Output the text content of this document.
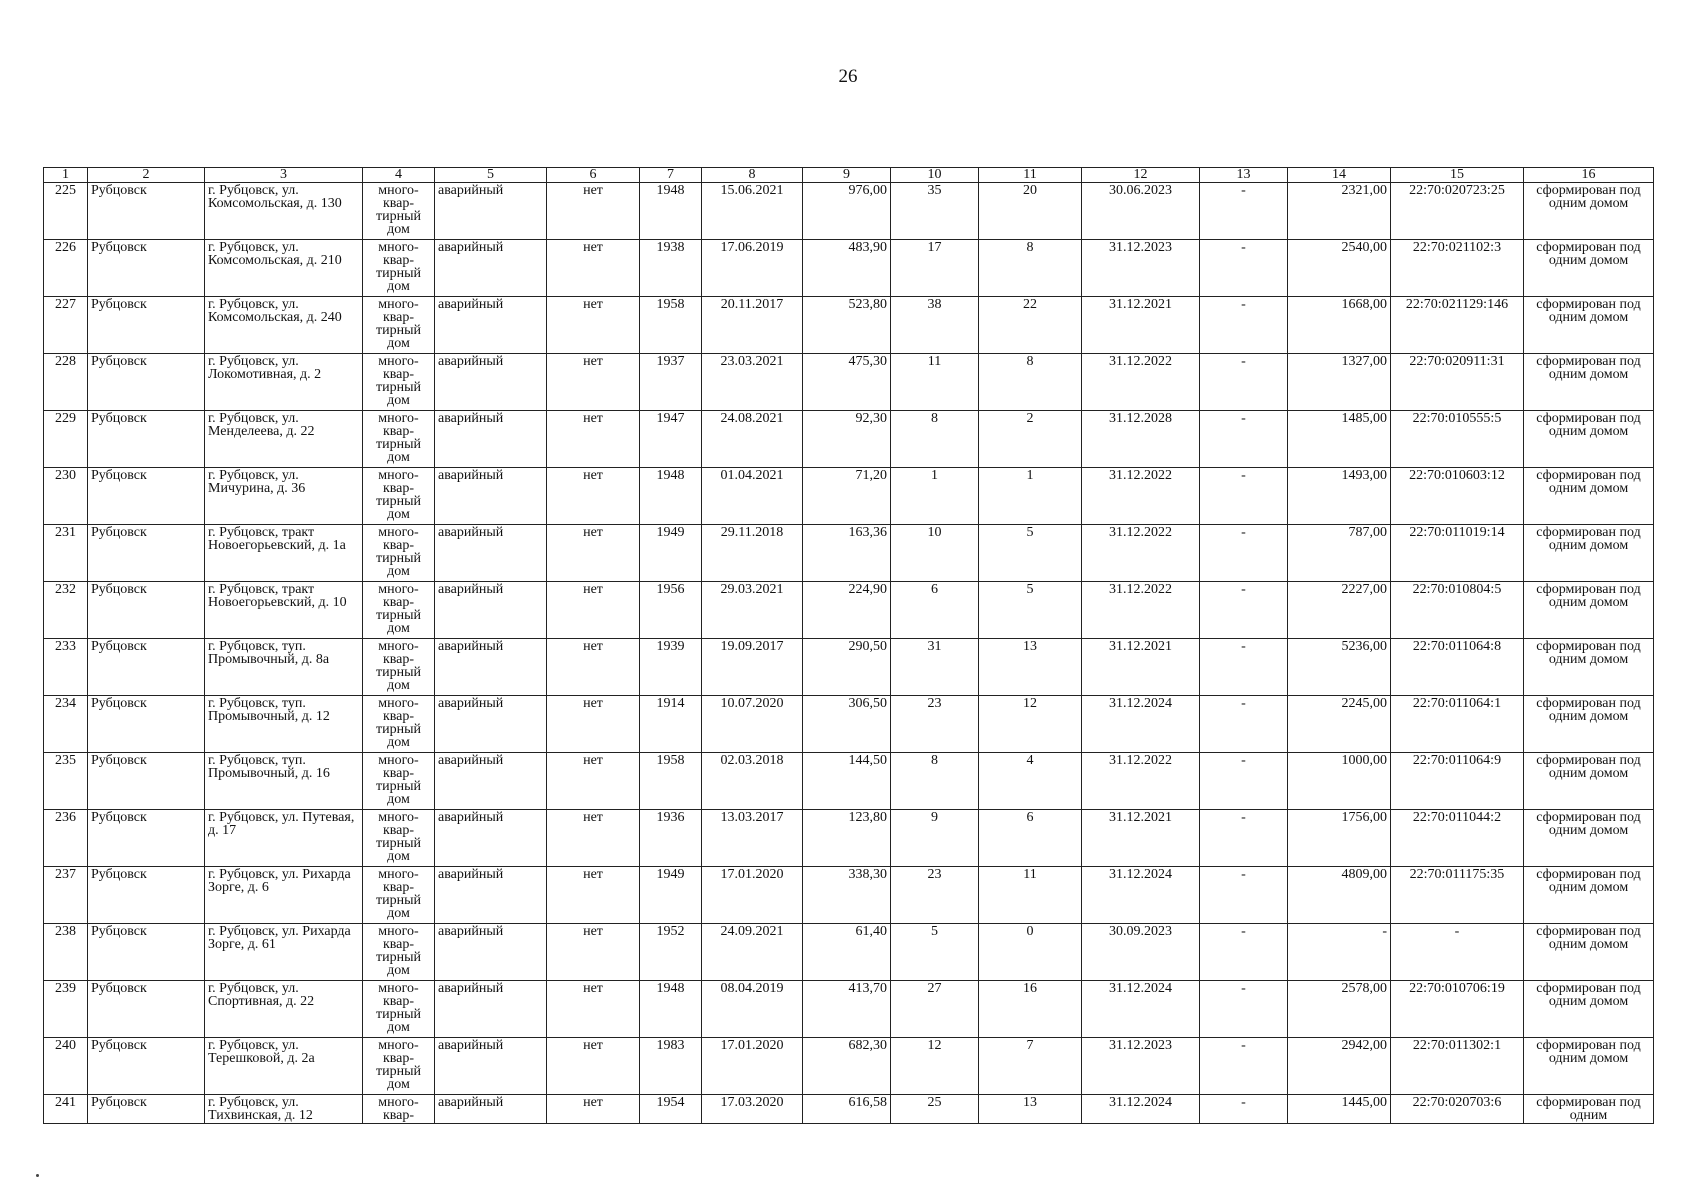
26
1	2	3	4	5	6	7	8	9	10	11	12	13	14	15	16
225	Рубцовск	г. Рубцовск, ул. Комсомольская, д. 130	много-квар-тирный дом	аварийный	нет	1948	15.06.2021	976,00	35	20	30.06.2023	-	2321,00	22:70:020723:25	сформирован под одним домом
226	Рубцовск	г. Рубцовск, ул. Комсомольская, д. 210	много-квар-тирный дом	аварийный	нет	1938	17.06.2019	483,90	17	8	31.12.2023	-	2540,00	22:70:021102:3	сформирован под одним домом
227	Рубцовск	г. Рубцовск, ул. Комсомольская, д. 240	много-квар-тирный дом	аварийный	нет	1958	20.11.2017	523,80	38	22	31.12.2021	-	1668,00	22:70:021129:146	сформирован под одним домом
228	Рубцовск	г. Рубцовск, ул. Локомотивная, д. 2	много-квар-тирный дом	аварийный	нет	1937	23.03.2021	475,30	11	8	31.12.2022	-	1327,00	22:70:020911:31	сформирован под одним домом
229	Рубцовск	г. Рубцовск, ул. Менделеева, д. 22	много-квар-тирный дом	аварийный	нет	1947	24.08.2021	92,30	8	2	31.12.2028	-	1485,00	22:70:010555:5	сформирован под одним домом
230	Рубцовск	г. Рубцовск, ул. Мичурина, д. 36	много-квар-тирный дом	аварийный	нет	1948	01.04.2021	71,20	1	1	31.12.2022	-	1493,00	22:70:010603:12	сформирован под одним домом
231	Рубцовск	г. Рубцовск, тракт Новоегорьевский, д. 1а	много-квар-тирный дом	аварийный	нет	1949	29.11.2018	163,36	10	5	31.12.2022	-	787,00	22:70:011019:14	сформирован под одним домом
232	Рубцовск	г. Рубцовск, тракт Новоегорьевский, д. 10	много-квар-тирный дом	аварийный	нет	1956	29.03.2021	224,90	6	5	31.12.2022	-	2227,00	22:70:010804:5	сформирован под одним домом
233	Рубцовск	г. Рубцовск, туп. Промывочный, д. 8а	много-квар-тирный дом	аварийный	нет	1939	19.09.2017	290,50	31	13	31.12.2021	-	5236,00	22:70:011064:8	сформирован под одним домом
234	Рубцовск	г. Рубцовск, туп. Промывочный, д. 12	много-квар-тирный дом	аварийный	нет	1914	10.07.2020	306,50	23	12	31.12.2024	-	2245,00	22:70:011064:1	сформирован под одним домом
235	Рубцовск	г. Рубцовск, туп. Промывочный, д. 16	много-квар-тирный дом	аварийный	нет	1958	02.03.2018	144,50	8	4	31.12.2022	-	1000,00	22:70:011064:9	сформирован под одним домом
236	Рубцовск	г. Рубцовск, ул. Путевая, д. 17	много-квар-тирный дом	аварийный	нет	1936	13.03.2017	123,80	9	6	31.12.2021	-	1756,00	22:70:011044:2	сформирован под одним домом
237	Рубцовск	г. Рубцовск, ул. Рихарда Зорге, д. 6	много-квар-тирный дом	аварийный	нет	1949	17.01.2020	338,30	23	11	31.12.2024	-	4809,00	22:70:011175:35	сформирован под одним домом
238	Рубцовск	г. Рубцовск, ул. Рихарда Зорге, д. 61	много-квар-тирный дом	аварийный	нет	1952	24.09.2021	61,40	5	0	30.09.2023	-	-	-	сформирован под одним домом
239	Рубцовск	г. Рубцовск, ул. Спортивная, д. 22	много-квар-тирный дом	аварийный	нет	1948	08.04.2019	413,70	27	16	31.12.2024	-	2578,00	22:70:010706:19	сформирован под одним домом
240	Рубцовск	г. Рубцовск, ул. Терешковой, д. 2а	много-квар-тирный дом	аварийный	нет	1983	17.01.2020	682,30	12	7	31.12.2023	-	2942,00	22:70:011302:1	сформирован под одним домом
241	Рубцовск	г. Рубцовск, ул. Тихвинская, д. 12	много-квар-	аварийный	нет	1954	17.03.2020	616,58	25	13	31.12.2024	-	1445,00	22:70:020703:6	сформирован под одним
